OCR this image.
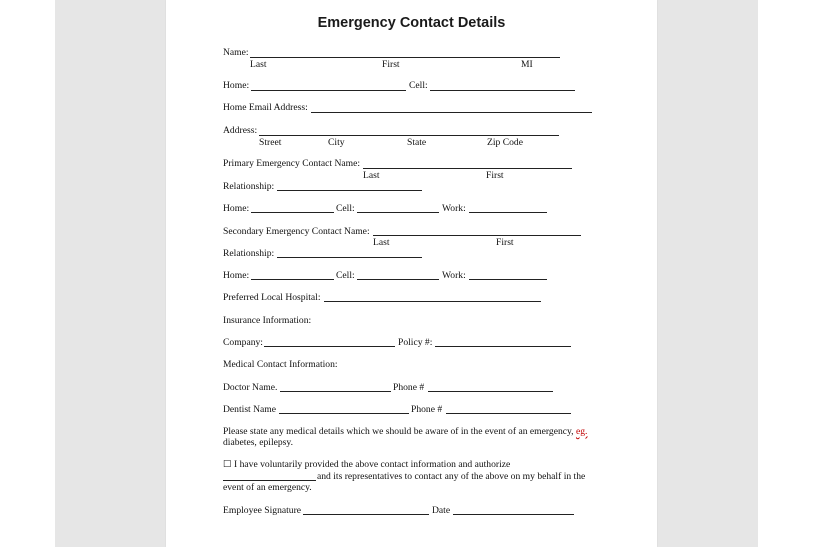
Emergency Contact Details
Name:
Last	First	MI
Home:	Cell:
Home Email Address:
Address:
Street	City	State	Zip Code
Primary Emergency Contact Name:
Last	First
Relationship:
Home:	Cell:	Work:
Secondary Emergency Contact Name:
Last	First
Relationship:
Home:	Cell:	Work:
Preferred Local Hospital:
Insurance Information:
Company:	Policy #:
Medical Contact Information:
Doctor Name.	Phone #
Dentist Name	Phone #
Please state any medical details which we should be aware of in the event of an emergency, eg.
diabetes, epilepsy.
☐ I have voluntarily provided the above contact information and authorize
and its representatives to contact any of the above on my behalf in the
event of an emergency.
Employee Signature	Date
